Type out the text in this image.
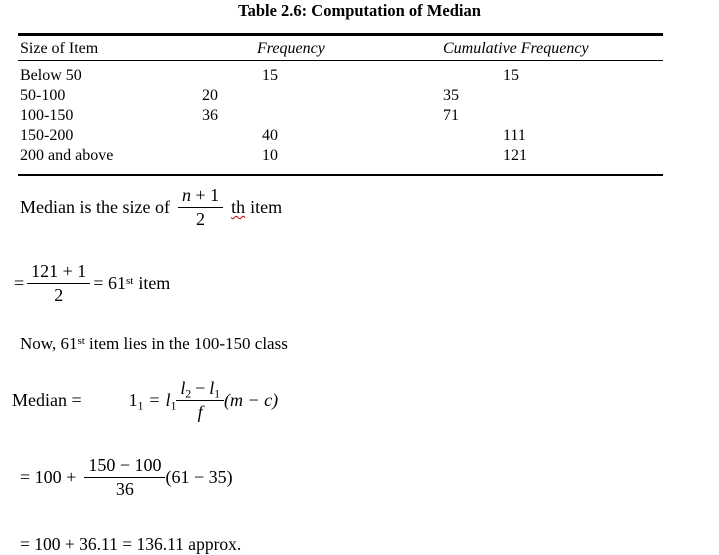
Table 2.6: Computation of Median
Size of Item	Frequency	Cumulative Frequency
Below 50	15	15
50-100	20	35
100-150	36	71
150-200	40	111
200 and above	10	121
Median is the size of $\frac{n + 1}{2}$ th item
= $\frac{121 + 1}{2} = 61st$ item
Now, 61st item lies in the 100-150 class
Median =	$1_1 = l_1 \frac{l_2 - l_1}{f} (m - c)$
= $100 + \frac{150 - 100}{36} (61 - 35)$
= 100 + 36.11 = 136.11 approx.
